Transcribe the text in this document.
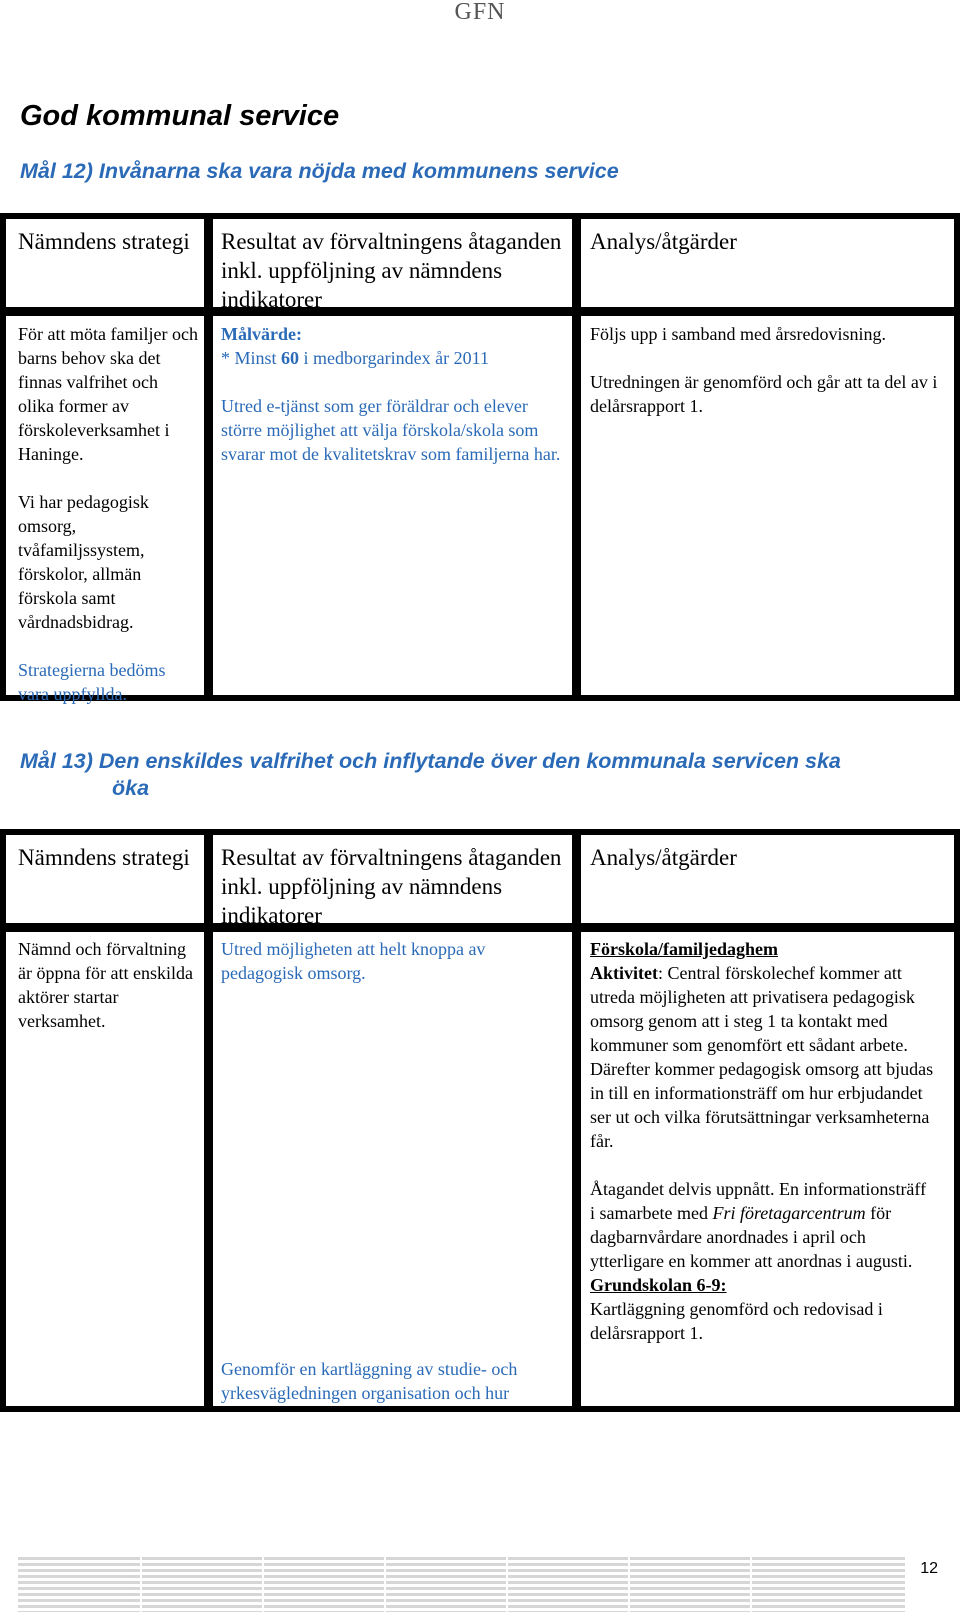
GFN
God kommunal service
Mål 12) Invånarna ska vara nöjda med kommunens service
Nämndens strategi	Resultat av förvaltningens åtaganden inkl. uppföljning av nämndens indikatorer
Analys/åtgärder

För att möta familjer och barns behov ska det finnas valfrihet och olika former av förskoleverksamhet i Haninge.

Vi har pedagogisk omsorg, tvåfamiljssystem, förskolor, allmän förskola samt vårdnadsbidrag.

Strategierna bedöms vara uppfyllda.

Målvärde:

* Minst 60 i medborgarindex år 2011

Utred e-tjänst som ger föräldrar och elever större möjlighet att välja förskola/skola som svarar mot de kvalitetskrav som familjerna har.

Följs upp i samband med årsredovisning.

Utredningen är genomförd och går att ta del av i delårsrapport 1.

Mål 13) Den enskildes valfrihet och inflytande över den kommunala servicen ska
öka
Nämndens strategi	Resultat av förvaltningens åtaganden inkl. uppföljning av nämndens indikatorer
Analys/åtgärder

Nämnd och förvaltning är öppna för att enskilda aktörer startar verksamhet.

Utred möjligheten att helt knoppa av pedagogisk omsorg.
Genomför en kartläggning av studie- och yrkesvägledningen organisation och hur

Förskola/familjedaghem

Aktivitet: Central förskolechef kommer att utreda möjligheten att privatisera pedagogisk omsorg genom att i steg 1 ta kontakt med kommuner som genomfört ett sådant arbete. Därefter kommer pedagogisk omsorg att bjudas in till en informationsträff om hur erbjudandet ser ut och vilka förutsättningar verksamheterna får.

Åtagandet delvis uppnått. En informationsträff i samarbete med Fri företagarcentrum för dagbarnvårdare anordnades i april och ytterligare en kommer att anordnas i augusti.

Grundskolan 6-9:

Kartläggning genomförd och redovisad i delårsrapport 1.

12
